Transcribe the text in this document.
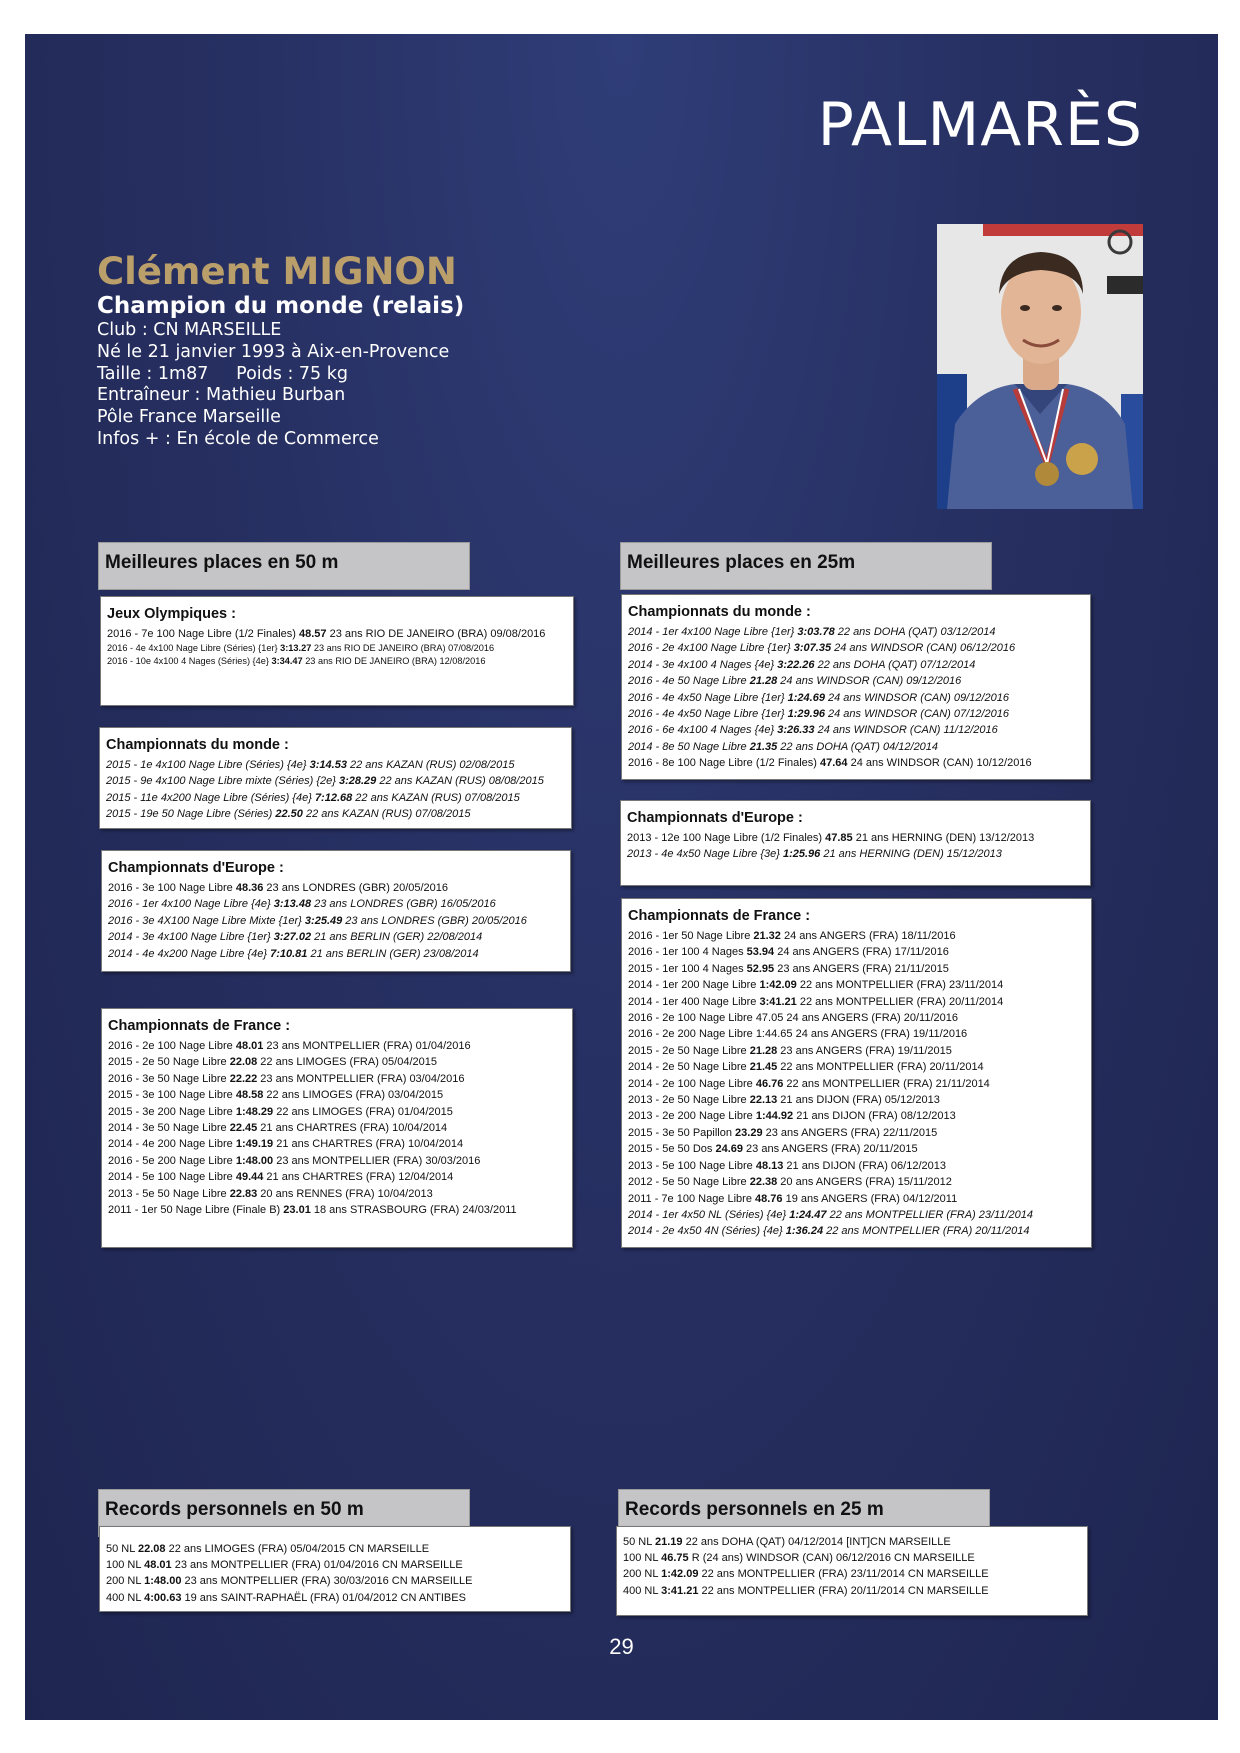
PALMARÈS
Clément MIGNON
Champion du monde (relais)
Club : CN MARSEILLE
Né le 21 janvier 1993 à Aix-en-Provence
Taille : 1m87     Poids : 75 kg
Entraîneur : Mathieu Burban
Pôle France Marseille
Infos + : En école de Commerce
Meilleures places en 50 m	Meilleures places en 25m
Records personnels en 50 m	Records personnels en 25 m
Jeux Olympiques :
2016 - 7e 100 Nage Libre (1/2 Finales) 48.57 23 ans RIO DE JANEIRO (BRA) 09/08/2016
2016 - 4e 4x100 Nage Libre (Séries) {1er} 3:13.27 23 ans RIO DE JANEIRO (BRA) 07/08/2016
2016 - 10e 4x100 4 Nages (Séries) {4e} 3:34.47 23 ans RIO DE JANEIRO (BRA) 12/08/2016
Championnats du monde :
2015 - 1e 4x100 Nage Libre (Séries) {4e} 3:14.53 22 ans KAZAN (RUS) 02/08/2015
2015 - 9e 4x100 Nage Libre mixte (Séries) {2e} 3:28.29 22 ans KAZAN (RUS) 08/08/2015
2015 - 11e 4x200 Nage Libre (Séries) {4e} 7:12.68 22 ans KAZAN (RUS) 07/08/2015
2015 - 19e 50 Nage Libre (Séries) 22.50 22 ans KAZAN (RUS) 07/08/2015
Championnats d'Europe :
2016 - 3e 100 Nage Libre 48.36 23 ans LONDRES (GBR) 20/05/2016
2016 - 1er 4x100 Nage Libre {4e} 3:13.48 23 ans LONDRES (GBR) 16/05/2016
2016 - 3e 4X100 Nage Libre Mixte {1er} 3:25.49 23 ans LONDRES (GBR) 20/05/2016
2014 - 3e 4x100 Nage Libre {1er} 3:27.02 21 ans BERLIN (GER) 22/08/2014
2014 - 4e 4x200 Nage Libre {4e} 7:10.81 21 ans BERLIN (GER) 23/08/2014
Championnats de France :
2016 - 2e 100 Nage Libre 48.01 23 ans MONTPELLIER (FRA) 01/04/2016
2015 - 2e 50 Nage Libre 22.08 22 ans LIMOGES (FRA) 05/04/2015
2016 - 3e 50 Nage Libre 22.22 23 ans MONTPELLIER (FRA) 03/04/2016
2015 - 3e 100 Nage Libre 48.58 22 ans LIMOGES (FRA) 03/04/2015
2015 - 3e 200 Nage Libre 1:48.29 22 ans LIMOGES (FRA) 01/04/2015
2014 - 3e 50 Nage Libre 22.45 21 ans CHARTRES (FRA) 10/04/2014
2014 - 4e 200 Nage Libre 1:49.19 21 ans CHARTRES (FRA) 10/04/2014
2016 - 5e 200 Nage Libre 1:48.00 23 ans MONTPELLIER (FRA) 30/03/2016
2014 - 5e 100 Nage Libre 49.44 21 ans CHARTRES (FRA) 12/04/2014
2013 - 5e 50 Nage Libre 22.83 20 ans RENNES (FRA) 10/04/2013
2011 - 1er 50 Nage Libre (Finale B) 23.01 18 ans STRASBOURG (FRA) 24/03/2011
Championnats du monde :
2014 - 1er 4x100 Nage Libre {1er} 3:03.78 22 ans DOHA (QAT) 03/12/2014
2016 - 2e 4x100 Nage Libre {1er} 3:07.35 24 ans WINDSOR (CAN) 06/12/2016
2014 - 3e 4x100 4 Nages {4e} 3:22.26 22 ans DOHA (QAT) 07/12/2014
2016 - 4e 50 Nage Libre 21.28 24 ans WINDSOR (CAN) 09/12/2016
2016 - 4e 4x50 Nage Libre {1er} 1:24.69 24 ans WINDSOR (CAN) 09/12/2016
2016 - 4e 4x50 Nage Libre {1er} 1:29.96 24 ans WINDSOR (CAN) 07/12/2016
2016 - 6e 4x100 4 Nages {4e} 3:26.33 24 ans WINDSOR (CAN) 11/12/2016
2014 - 8e 50 Nage Libre 21.35 22 ans DOHA (QAT) 04/12/2014
2016 - 8e 100 Nage Libre (1/2 Finales) 47.64 24 ans WINDSOR (CAN) 10/12/2016
Championnats d'Europe :
2013 - 12e 100 Nage Libre (1/2 Finales) 47.85 21 ans HERNING (DEN) 13/12/2013
2013 - 4e 4x50 Nage Libre {3e} 1:25.96 21 ans HERNING (DEN) 15/12/2013
Championnats de France :
2016 - 1er 50 Nage Libre 21.32 24 ans ANGERS (FRA) 18/11/2016
2016 - 1er 100 4 Nages 53.94 24 ans ANGERS (FRA) 17/11/2016
2015 - 1er 100 4 Nages 52.95 23 ans ANGERS (FRA) 21/11/2015
2014 - 1er 200 Nage Libre 1:42.09 22 ans MONTPELLIER (FRA) 23/11/2014
2014 - 1er 400 Nage Libre 3:41.21 22 ans MONTPELLIER (FRA) 20/11/2014
2016 - 2e 100 Nage Libre 47.05 24 ans ANGERS (FRA) 20/11/2016
2016 - 2e 200 Nage Libre 1:44.65 24 ans ANGERS (FRA) 19/11/2016
2015 - 2e 50 Nage Libre 21.28 23 ans ANGERS (FRA) 19/11/2015
2014 - 2e 50 Nage Libre 21.45 22 ans MONTPELLIER (FRA) 20/11/2014
2014 - 2e 100 Nage Libre 46.76 22 ans MONTPELLIER (FRA) 21/11/2014
2013 - 2e 50 Nage Libre 22.13 21 ans DIJON (FRA) 05/12/2013
2013 - 2e 200 Nage Libre 1:44.92 21 ans DIJON (FRA) 08/12/2013
2015 - 3e 50 Papillon 23.29 23 ans ANGERS (FRA) 22/11/2015
2015 - 5e 50 Dos 24.69 23 ans ANGERS (FRA) 20/11/2015
2013 - 5e 100 Nage Libre 48.13 21 ans DIJON (FRA) 06/12/2013
2012 - 5e 50 Nage Libre 22.38 20 ans ANGERS (FRA) 15/11/2012
2011 - 7e 100 Nage Libre 48.76 19 ans ANGERS (FRA) 04/12/2011
2014 - 1er 4x50 NL (Séries) {4e} 1:24.47 22 ans MONTPELLIER (FRA) 23/11/2014
2014 - 2e 4x50 4N (Séries) {4e} 1:36.24 22 ans MONTPELLIER (FRA) 20/11/2014
50 NL 22.08 22 ans LIMOGES (FRA) 05/04/2015 CN MARSEILLE
100 NL 48.01 23 ans MONTPELLIER (FRA) 01/04/2016 CN MARSEILLE
200 NL 1:48.00 23 ans MONTPELLIER (FRA) 30/03/2016 CN MARSEILLE
400 NL 4:00.63 19 ans SAINT-RAPHAËL (FRA) 01/04/2012 CN ANTIBES
50 NL 21.19 22 ans DOHA (QAT) 04/12/2014 [INT]CN MARSEILLE
100 NL 46.75 R (24 ans) WINDSOR (CAN) 06/12/2016 CN MARSEILLE
200 NL 1:42.09 22 ans MONTPELLIER (FRA) 23/11/2014 CN MARSEILLE
400 NL 3:41.21 22 ans MONTPELLIER (FRA) 20/11/2014 CN MARSEILLE
29
